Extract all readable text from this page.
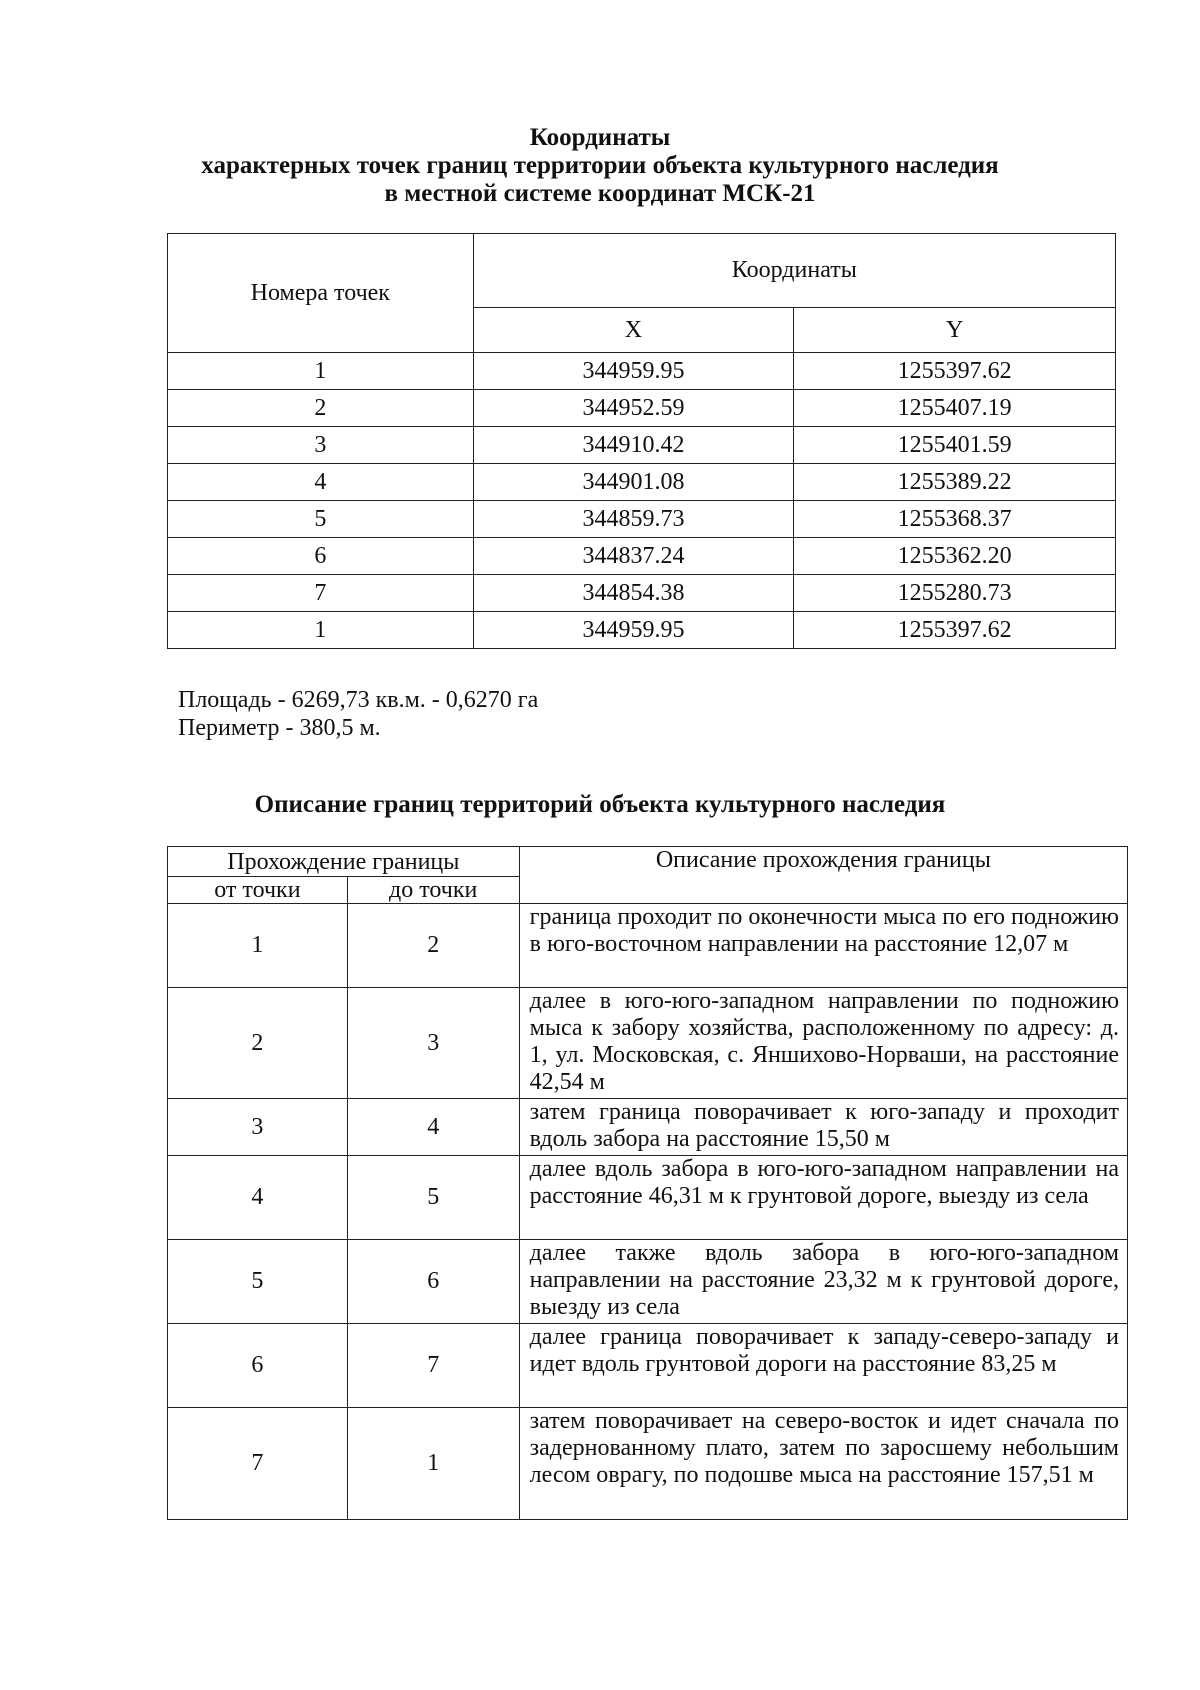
Координаты
характерных точек границ территории объекта культурного наследия
в местной системе координат МСК-21
Номера точек	Координаты	
	X	Y
1	344959.95	1255397.62
2	344952.59	1255407.19
3	344910.42	1255401.59
4	344901.08	1255389.22
5	344859.73	1255368.37
6	344837.24	1255362.20
7	344854.38	1255280.73
1	344959.95	1255397.62
Площадь - 6269,73 кв.м. - 0,6270 га
Периметр - 380,5 м.
Описание границ территорий объекта культурного наследия
Прохождение границы		Описание прохождения границы
от точки	до точки	
1	2	граница проходит по оконечности мыса по его подножию в юго-восточном направлении на расстояние 12,07 м
2	3	далее в юго-юго-западном направлении по подножию мыса к забору хозяйства, расположенному по адресу: д. 1, ул. Московская, с. Яншихово-Норваши, на расстояние 42,54 м
3	4	затем граница поворачивает к юго-западу и проходит вдоль забора на расстояние 15,50 м
4	5	далее вдоль забора в юго-юго-западном направлении на расстояние 46,31 м к грунтовой дороге, выезду из села
5	6	далее также вдоль забора в юго-юго-западном направлении на расстояние 23,32 м к грунтовой дороге, выезду из села
6	7	далее граница поворачивает к западу-северо-западу и идет вдоль грунтовой дороги на расстояние 83,25 м
7	1	затем поворачивает на северо-восток и идет сначала по задернованному плато, затем по заросшему небольшим лесом оврагу, по подошве мыса на расстояние 157,51 м
